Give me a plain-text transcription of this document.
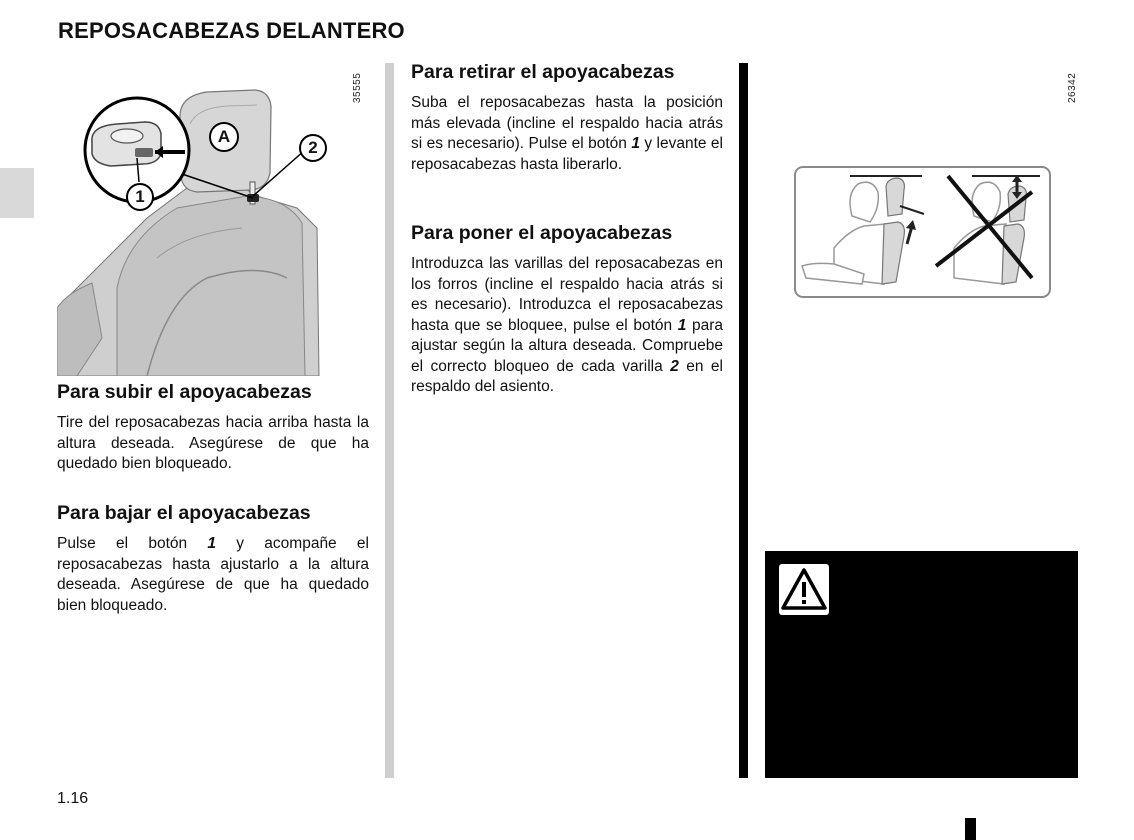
REPOSACABEZAS DELANTERO
A
2
1
35555
Para subir el apoyacabezas

Tire del reposacabezas hacia arriba hasta la altura deseada. Asegúrese de que ha quedado bien bloqueado.

Para bajar el apoyacabezas

Pulse el botón 1 y acompañe el reposacabezas hasta ajustarlo a la altura deseada. Asegúrese de que ha quedado bien bloqueado.

Para retirar el apoyacabezas

Suba el reposacabezas hasta la posición más elevada (incline el respaldo hacia atrás si es necesario). Pulse el botón 1 y levante el reposacabezas hasta liberarlo.

Para poner el apoyacabezas

Introduzca las varillas del reposacabezas en los forros (incline el respaldo hacia atrás si es necesario). Introduzca el reposacabezas hasta que se bloquee, pulse el botón 1 para ajustar según la altura deseada. Compruebe el correcto bloqueo de cada varilla 2 en el respaldo del asiento.

26342
1.16
